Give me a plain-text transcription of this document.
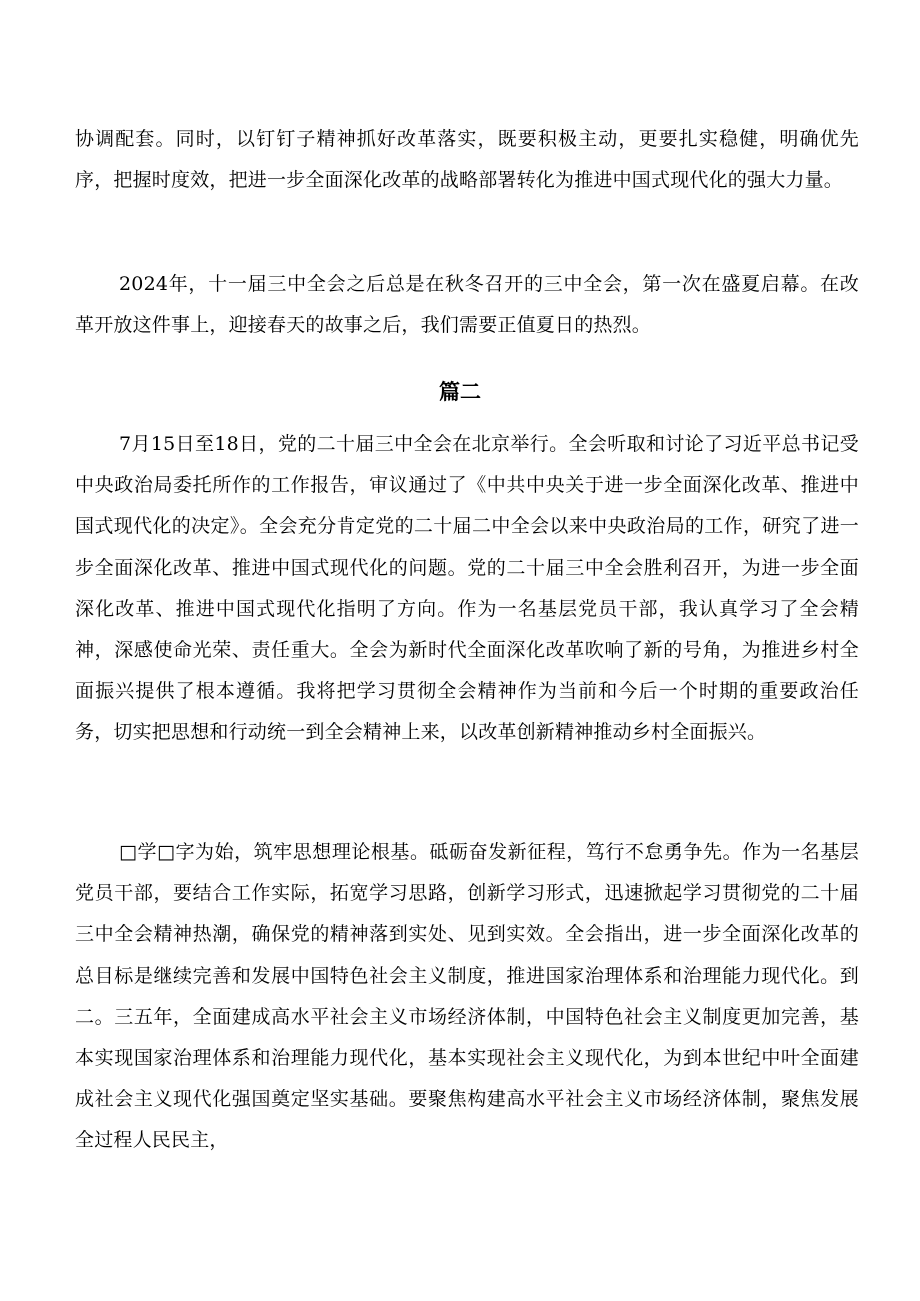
协调配套。同时，以钉钉子精神抓好改革落实，既要积极主动，更要扎实稳健，明确优先序，把握时度效，把进一步全面深化改革的战略部署转化为推进中国式现代化的强大力量。

2024年，十一届三中全会之后总是在秋冬召开的三中全会，第一次在盛夏启幕。在改革开放这件事上，迎接春天的故事之后，我们需要正值夏日的热烈。

篇二

7月15日至18日，党的二十届三中全会在北京举行。全会听取和讨论了习近平总书记受中央政治局委托所作的工作报告，审议通过了《中共中央关于进一步全面深化改革、推进中国式现代化的决定》。全会充分肯定党的二十届二中全会以来中央政治局的工作，研究了进一步全面深化改革、推进中国式现代化的问题。党的二十届三中全会胜利召开，为进一步全面深化改革、推进中国式现代化指明了方向。作为一名基层党员干部，我认真学习了全会精神，深感使命光荣、责任重大。全会为新时代全面深化改革吹响了新的号角，为推进乡村全面振兴提供了根本遵循。我将把学习贯彻全会精神作为当前和今后一个时期的重要政治任务，切实把思想和行动统一到全会精神上来，以改革创新精神推动乡村全面振兴。

□学□字为始，筑牢思想理论根基。砥砺奋发新征程，笃行不怠勇争先。作为一名基层党员干部，要结合工作实际，拓宽学习思路，创新学习形式，迅速掀起学习贯彻党的二十届三中全会精神热潮，确保党的精神落到实处、见到实效。全会指出，进一步全面深化改革的总目标是继续完善和发展中国特色社会主义制度，推进国家治理体系和治理能力现代化。到二。三五年，全面建成高水平社会主义市场经济体制，中国特色社会主义制度更加完善，基本实现国家治理体系和治理能力现代化，基本实现社会主义现代化，为到本世纪中叶全面建成社会主义现代化强国奠定坚实基础。要聚焦构建高水平社会主义市场经济体制，聚焦发展全过程人民民主，
